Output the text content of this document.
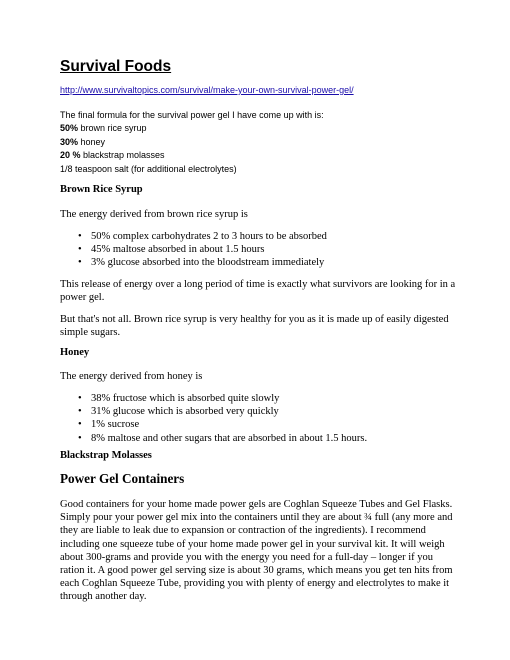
Survival Foods
http://www.survivaltopics.com/survival/make-your-own-survival-power-gel/
The final formula for the survival power gel I have come up with is:
50% brown rice syrup
30% honey
20 % blackstrap molasses
1/8 teaspoon salt (for additional electrolytes)
Brown Rice Syrup
The energy derived from brown rice syrup is
• 50% complex carbohydrates 2 to 3 hours to be absorbed
• 45% maltose absorbed in about 1.5 hours
• 3% glucose absorbed into the bloodstream immediately
This release of energy over a long period of time is exactly what survivors are looking for in a power gel.
But that's not all. Brown rice syrup is very healthy for you as it is made up of easily digested simple sugars.
Honey
The energy derived from honey is
• 38% fructose which is absorbed quite slowly
• 31% glucose which is absorbed very quickly
• 1% sucrose
• 8% maltose and other sugars that are absorbed in about 1.5 hours.
Blackstrap Molasses
Power Gel Containers
Good containers for your home made power gels are Coghlan Squeeze Tubes and Gel Flasks. Simply pour your power gel mix into the containers until they are about ¾ full (any more and they are liable to leak due to expansion or contraction of the ingredients). I recommend including one squeeze tube of your home made power gel in your survival kit. It will weigh about 300-grams and provide you with the energy you need for a full-day – longer if you ration it. A good power gel serving size is about 30 grams, which means you get ten hits from each Coghlan Squeeze Tube, providing you with plenty of energy and electrolytes to make it through another day.
